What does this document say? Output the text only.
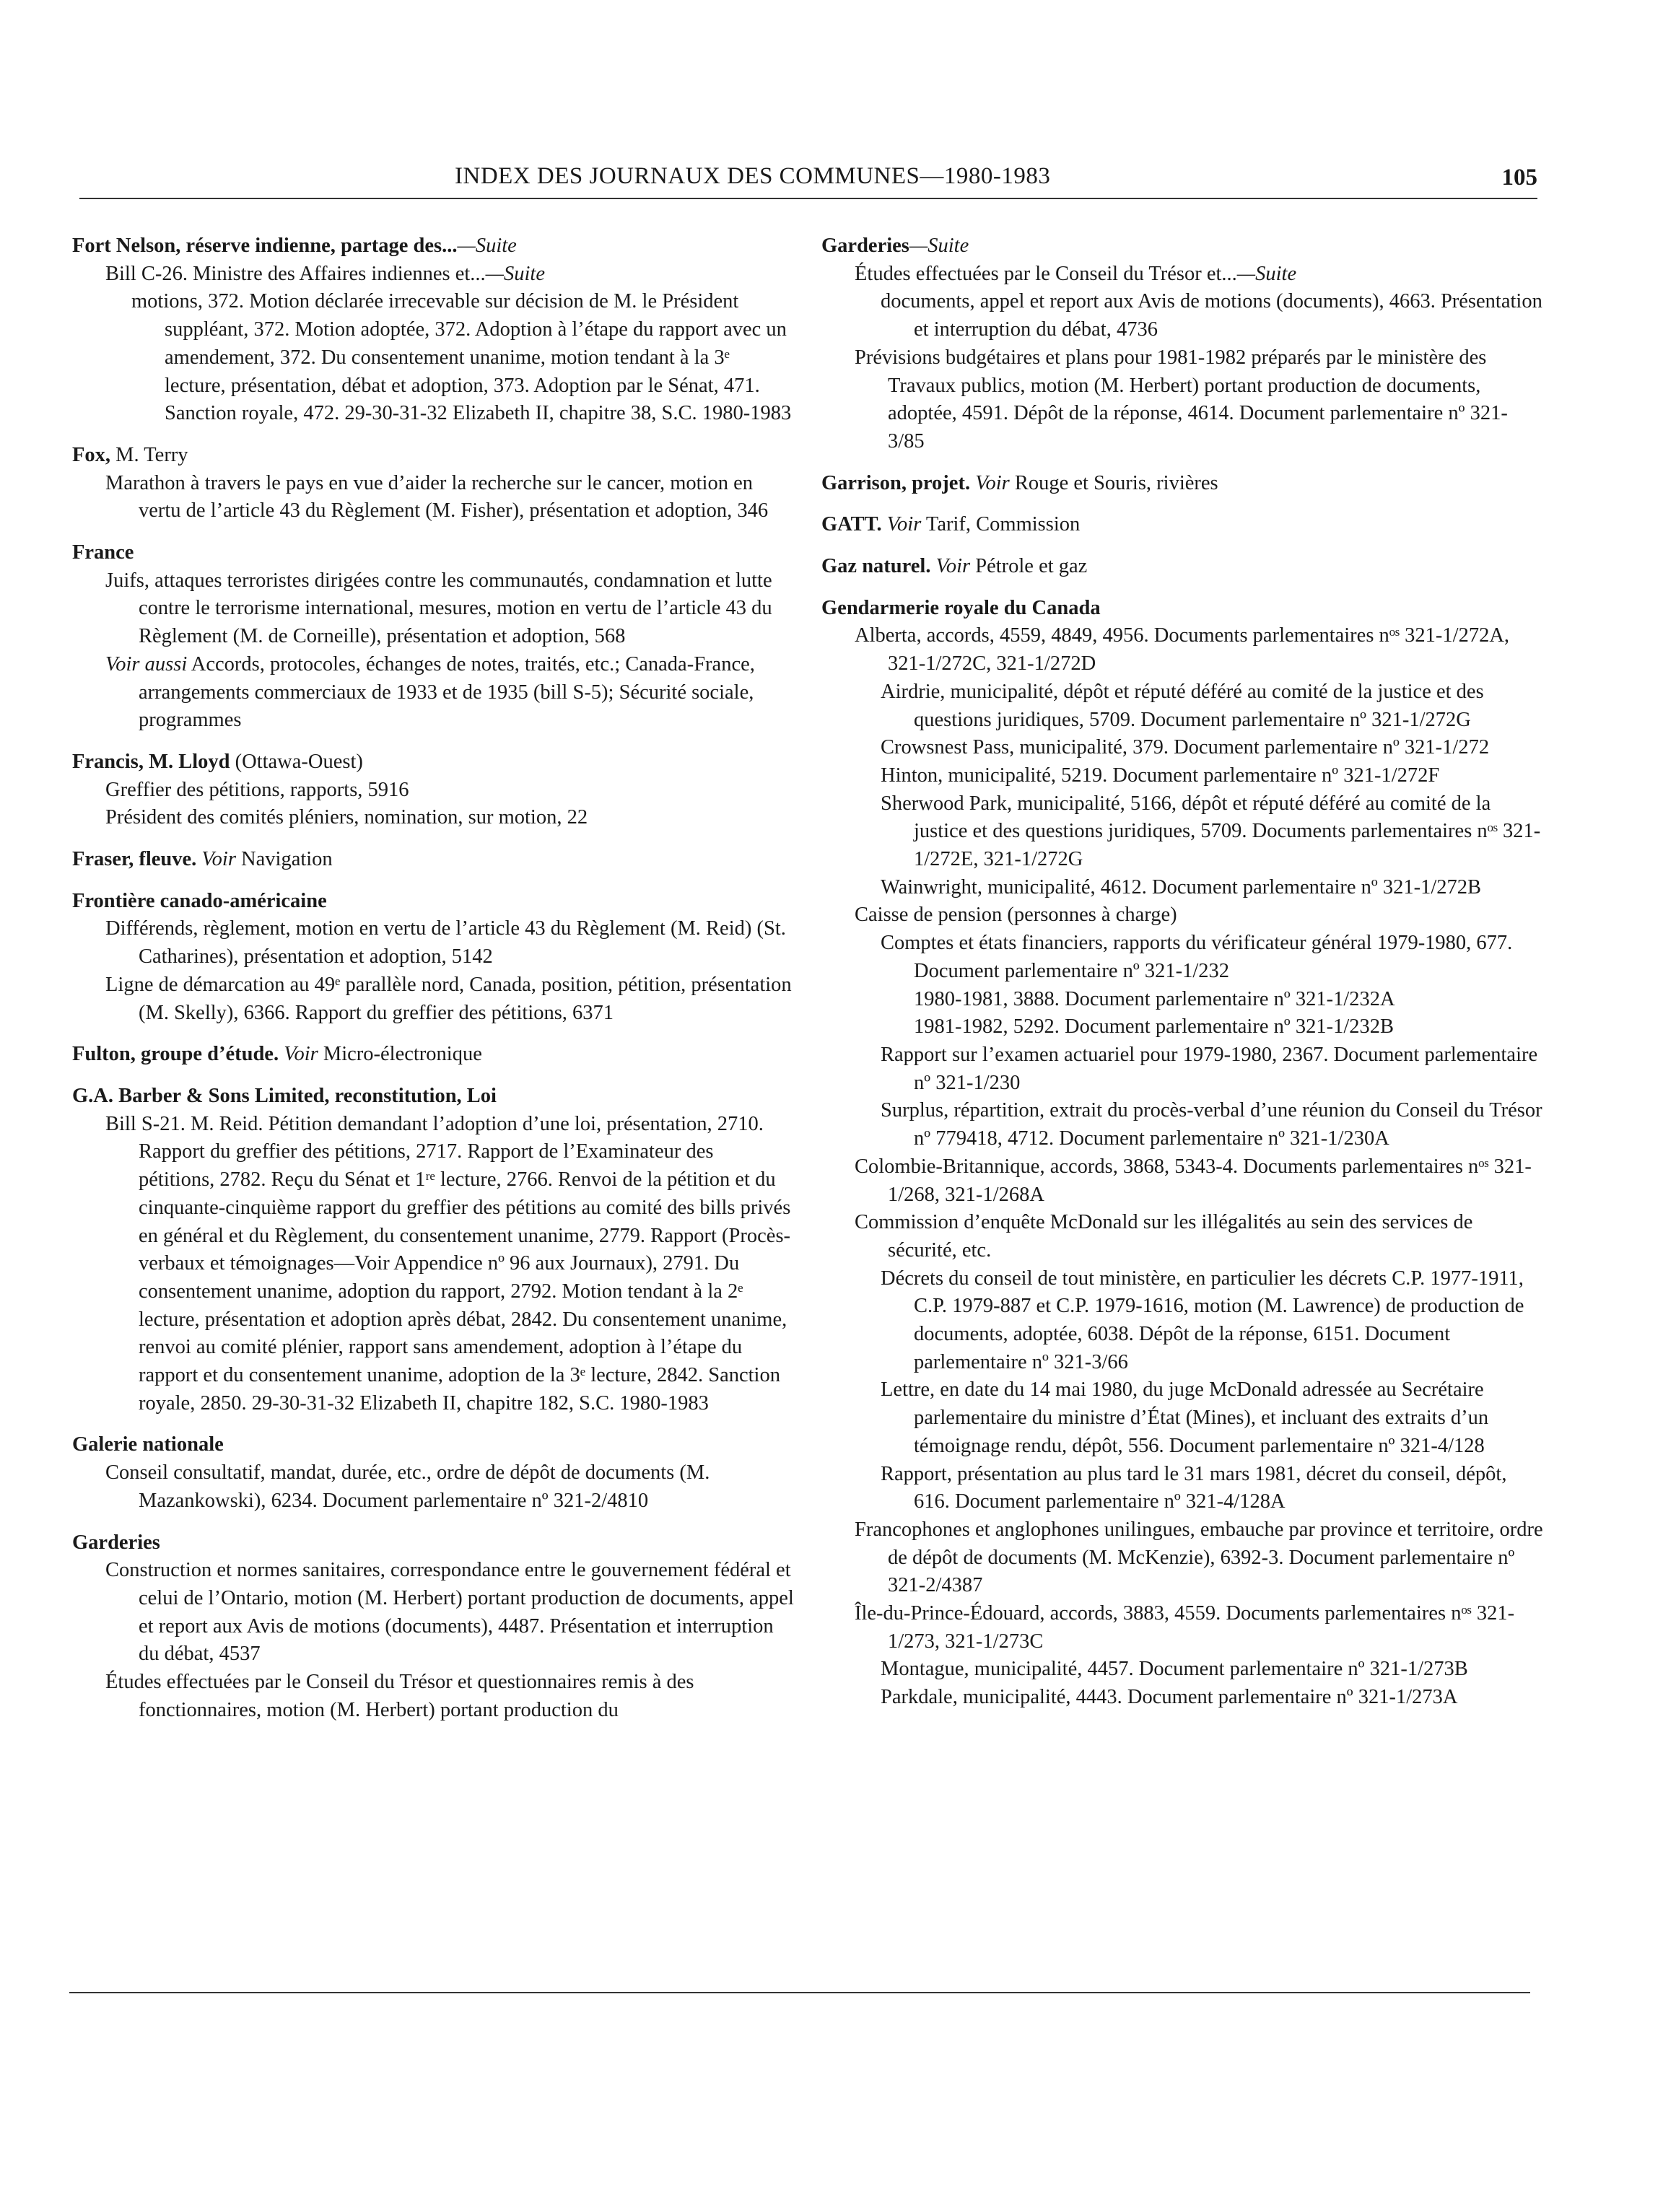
INDEX DES JOURNAUX DES COMMUNES—1980-1983	105
Fort Nelson, réserve indienne, partage des...—Suite
Bill C-26. Ministre des Affaires indiennes et...—Suite
motions, 372. Motion déclarée irrecevable sur décision de M. le Président suppléant, 372. Motion adoptée, 372. Adoption à l’étape du rapport avec un amendement, 372. Du consentement unanime, motion tendant à la 3ᵉ lecture, présentation, débat et adoption, 373. Adoption par le Sénat, 471. Sanction royale, 472. 29-30-31-32 Elizabeth II, chapitre 38, S.C. 1980-1983
Fox, M. Terry
Marathon à travers le pays en vue d’aider la recherche sur le cancer, motion en vertu de l’article 43 du Règlement (M. Fisher), présentation et adoption, 346
France
Juifs, attaques terroristes dirigées contre les communautés, condamnation et lutte contre le terrorisme international, mesures, motion en vertu de l’article 43 du Règlement (M. de Corneille), présentation et adoption, 568
Voir aussi Accords, protocoles, échanges de notes, traités, etc.; Canada-France, arrangements commerciaux de 1933 et de 1935 (bill S-5); Sécurité sociale, programmes
Francis, M. Lloyd (Ottawa-Ouest)
Greffier des pétitions, rapports, 5916
Président des comités pléniers, nomination, sur motion, 22
Fraser, fleuve. Voir Navigation
Frontière canado-américaine
Différends, règlement, motion en vertu de l’article 43 du Règlement (M. Reid) (St. Catharines), présentation et adoption, 5142
Ligne de démarcation au 49ᵉ parallèle nord, Canada, position, pétition, présentation (M. Skelly), 6366. Rapport du greffier des pétitions, 6371
Fulton, groupe d’étude. Voir Micro-électronique
G.A. Barber & Sons Limited, reconstitution, Loi
Bill S-21. M. Reid. Pétition demandant l’adoption d’une loi, présentation, 2710. Rapport du greffier des pétitions, 2717. Rapport de l’Examinateur des pétitions, 2782. Reçu du Sénat et 1ʳᵉ lecture, 2766. Renvoi de la pétition et du cinquante-cinquième rapport du greffier des pétitions au comité des bills privés en général et du Règlement, du consentement unanime, 2779. Rapport (Procès-verbaux et témoignages—Voir Appendice nº 96 aux Journaux), 2791. Du consentement unanime, adoption du rapport, 2792. Motion tendant à la 2ᵉ lecture, présentation et adoption après débat, 2842. Du consentement unanime, renvoi au comité plénier, rapport sans amendement, adoption à l’étape du rapport et du consentement unanime, adoption de la 3ᵉ lecture, 2842. Sanction royale, 2850. 29-30-31-32 Elizabeth II, chapitre 182, S.C. 1980-1983
Galerie nationale
Conseil consultatif, mandat, durée, etc., ordre de dépôt de documents (M. Mazankowski), 6234. Document parlementaire nº 321-2/4810
Garderies
Construction et normes sanitaires, correspondance entre le gouvernement fédéral et celui de l’Ontario, motion (M. Herbert) portant production de documents, appel et report aux Avis de motions (documents), 4487. Présentation et interruption du débat, 4537
Études effectuées par le Conseil du Trésor et questionnaires remis à des fonctionnaires, motion (M. Herbert) portant production du
Garderies—Suite
Études effectuées par le Conseil du Trésor et...—Suite
documents, appel et report aux Avis de motions (documents), 4663. Présentation et interruption du débat, 4736
Prévisions budgétaires et plans pour 1981-1982 préparés par le ministère des Travaux publics, motion (M. Herbert) portant production de documents, adoptée, 4591. Dépôt de la réponse, 4614. Document parlementaire nº 321-3/85
Garrison, projet. Voir Rouge et Souris, rivières
GATT. Voir Tarif, Commission
Gaz naturel. Voir Pétrole et gaz
Gendarmerie royale du Canada
Alberta, accords, 4559, 4849, 4956. Documents parlementaires nᵒˢ 321-1/272A, 321-1/272C, 321-1/272D
Airdrie, municipalité, dépôt et réputé déféré au comité de la justice et des questions juridiques, 5709. Document parlementaire nº 321-1/272G
Crowsnest Pass, municipalité, 379. Document parlementaire nº 321-1/272
Hinton, municipalité, 5219. Document parlementaire nº 321-1/272F
Sherwood Park, municipalité, 5166, dépôt et réputé déféré au comité de la justice et des questions juridiques, 5709. Documents parlementaires nᵒˢ 321-1/272E, 321-1/272G
Wainwright, municipalité, 4612. Document parlementaire nº 321-1/272B
Caisse de pension (personnes à charge)
Comptes et états financiers, rapports du vérificateur général 1979-1980, 677. Document parlementaire nº 321-1/232
1980-1981, 3888. Document parlementaire nº 321-1/232A
1981-1982, 5292. Document parlementaire nº 321-1/232B
Rapport sur l’examen actuariel pour 1979-1980, 2367. Document parlementaire nº 321-1/230
Surplus, répartition, extrait du procès-verbal d’une réunion du Conseil du Trésor nº 779418, 4712. Document parlementaire nº 321-1/230A
Colombie-Britannique, accords, 3868, 5343-4. Documents parlementaires nᵒˢ 321-1/268, 321-1/268A
Commission d’enquête McDonald sur les illégalités au sein des services de sécurité, etc.
Décrets du conseil de tout ministère, en particulier les décrets C.P. 1977-1911, C.P. 1979-887 et C.P. 1979-1616, motion (M. Lawrence) de production de documents, adoptée, 6038. Dépôt de la réponse, 6151. Document parlementaire nº 321-3/66
Lettre, en date du 14 mai 1980, du juge McDonald adressée au Secrétaire parlementaire du ministre d’État (Mines), et incluant des extraits d’un témoignage rendu, dépôt, 556. Document parlementaire nº 321-4/128
Rapport, présentation au plus tard le 31 mars 1981, décret du conseil, dépôt, 616. Document parlementaire nº 321-4/128A
Francophones et anglophones unilingues, embauche par province et territoire, ordre de dépôt de documents (M. McKenzie), 6392-3. Document parlementaire nº 321-2/4387
Île-du-Prince-Édouard, accords, 3883, 4559. Documents parlementaires nᵒˢ 321-1/273, 321-1/273C
Montague, municipalité, 4457. Document parlementaire nº 321-1/273B
Parkdale, municipalité, 4443. Document parlementaire nº 321-1/273A
